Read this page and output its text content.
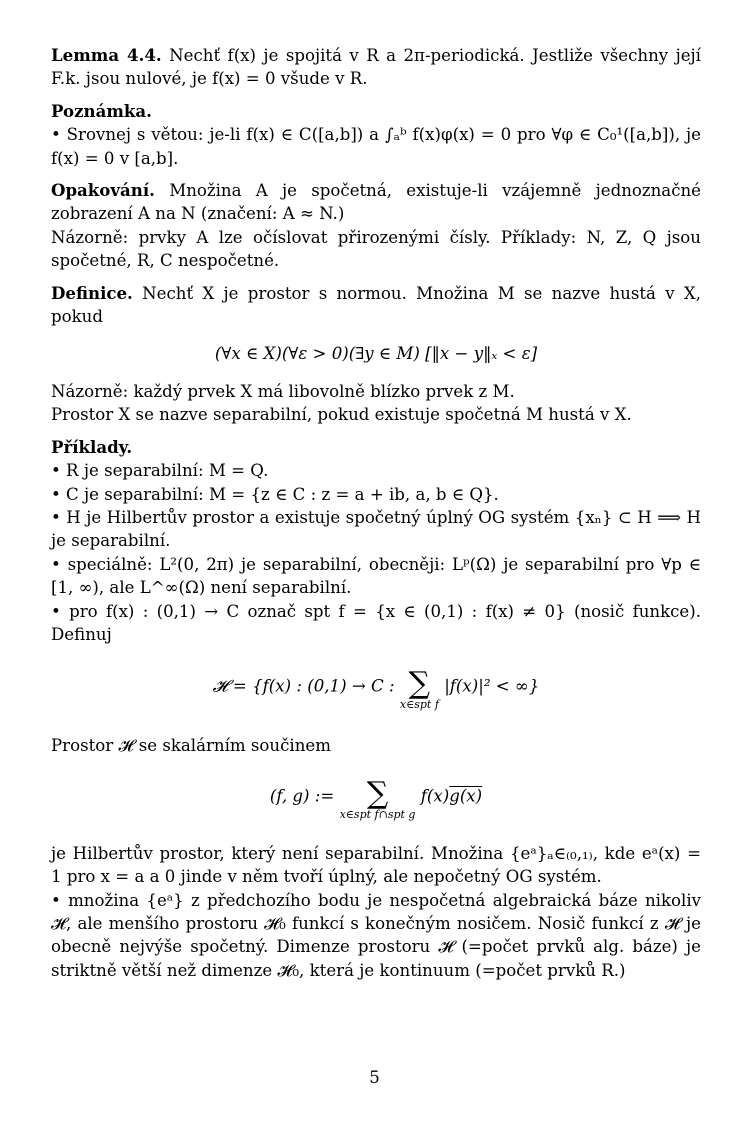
Lemma 4.4. Nechť f(x) je spojitá v R a 2π-periodická. Jestliže všechny její F.k. jsou nulové, je f(x) = 0 všude v R.

Poznámka.

• Srovnej s větou: je-li f(x) ∈ C([a,b]) a ∫ₐᵇ f(x)φ(x) = 0 pro ∀φ ∈ C₀¹([a,b]), je f(x) = 0 v [a,b].

Opakování. Množina A je spočetná, existuje-li vzájemně jednoznačné zobrazení A na N (značení: A ≈ N.)

Názorně: prvky A lze očíslovat přirozenými čísly. Příklady: N, Z, Q jsou spočetné, R, C nespočetné.

Definice. Nechť X je prostor s normou. Množina M se nazve hustá v X, pokud

(∀x ∈ X)(∀ε > 0)(∃y ∈ M) [‖x − y‖ₓ < ε]

Názorně: každý prvek X má libovolně blízko prvek z M.

Prostor X se nazve separabilní, pokud existuje spočetná M hustá v X.

Příklady.

• R je separabilní: M = Q.

• C je separabilní: M = {z ∈ C : z = a + ib, a, b ∈ Q}.

• H je Hilbertův prostor a existuje spočetný úplný OG systém {xₙ} ⊂ H ⟹ H je separabilní.

• speciálně: L²(0, 2π) je separabilní, obecněji: Lᵖ(Ω) je separabilní pro ∀p ∈ [1, ∞), ale L^∞(Ω) není separabilní.

• pro f(x) : (0,1) → C označ spt f = {x ∈ (0,1) : f(x) ≠ 0} (nosič funkce). Definuj

𝓗 = {f(x) : (0,1) → C : ∑
x∈spt f
|f(x)|² < ∞}

Prostor 𝓗 se skalárním součinem

(f, g) :=	∑
x∈spt f∩spt g
f(x)g(x)

je Hilbertův prostor, který není separabilní. Množina {eᵃ}ₐ∈₍₀,₁₎, kde eᵃ(x) = 1 pro x = a a 0 jinde v něm tvoří úplný, ale nepočetný OG systém.

• množina {eᵃ} z předchozího bodu je nespočetná algebraická báze nikoliv 𝓗, ale menšího prostoru 𝓗₀ funkcí s konečným nosičem. Nosič funkcí z 𝓗 je obecně nejvýše spočetný. Dimenze prostoru 𝓗 (=počet prvků alg. báze) je striktně větší než dimenze 𝓗₀, která je kontinuum (=počet prvků R.)

5
